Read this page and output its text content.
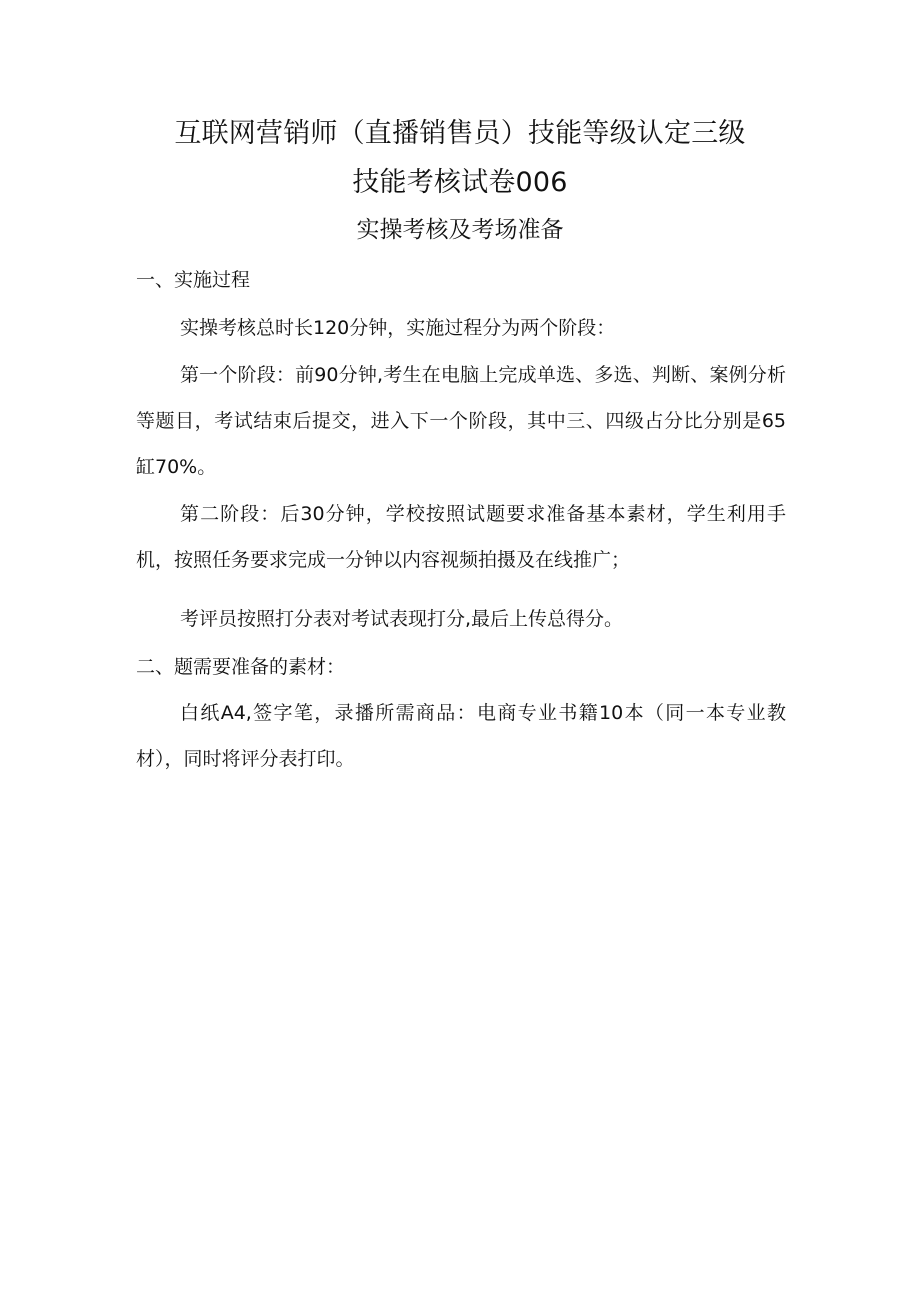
互联网营销师（直播销售员）技能等级认定三级
技能考核试卷006
实操考核及考场准备
一、实施过程
实操考核总时长120分钟，实施过程分为两个阶段：
第一个阶段：前90分钟,考生在电脑上完成单选、多选、判断、案例分析等题目，考试结束后提交，进入下一个阶段，其中三、四级占分比分别是65缸70%。
第二阶段：后30分钟，学校按照试题要求准备基本素材，学生利用手机，按照任务要求完成一分钟以内容视频拍摄及在线推广；
考评员按照打分表对考试表现打分,最后上传总得分。
二、题需要准备的素材：
白纸A4,签字笔，录播所需商品：电商专业书籍10本（同一本专业教材），同时将评分表打印。
